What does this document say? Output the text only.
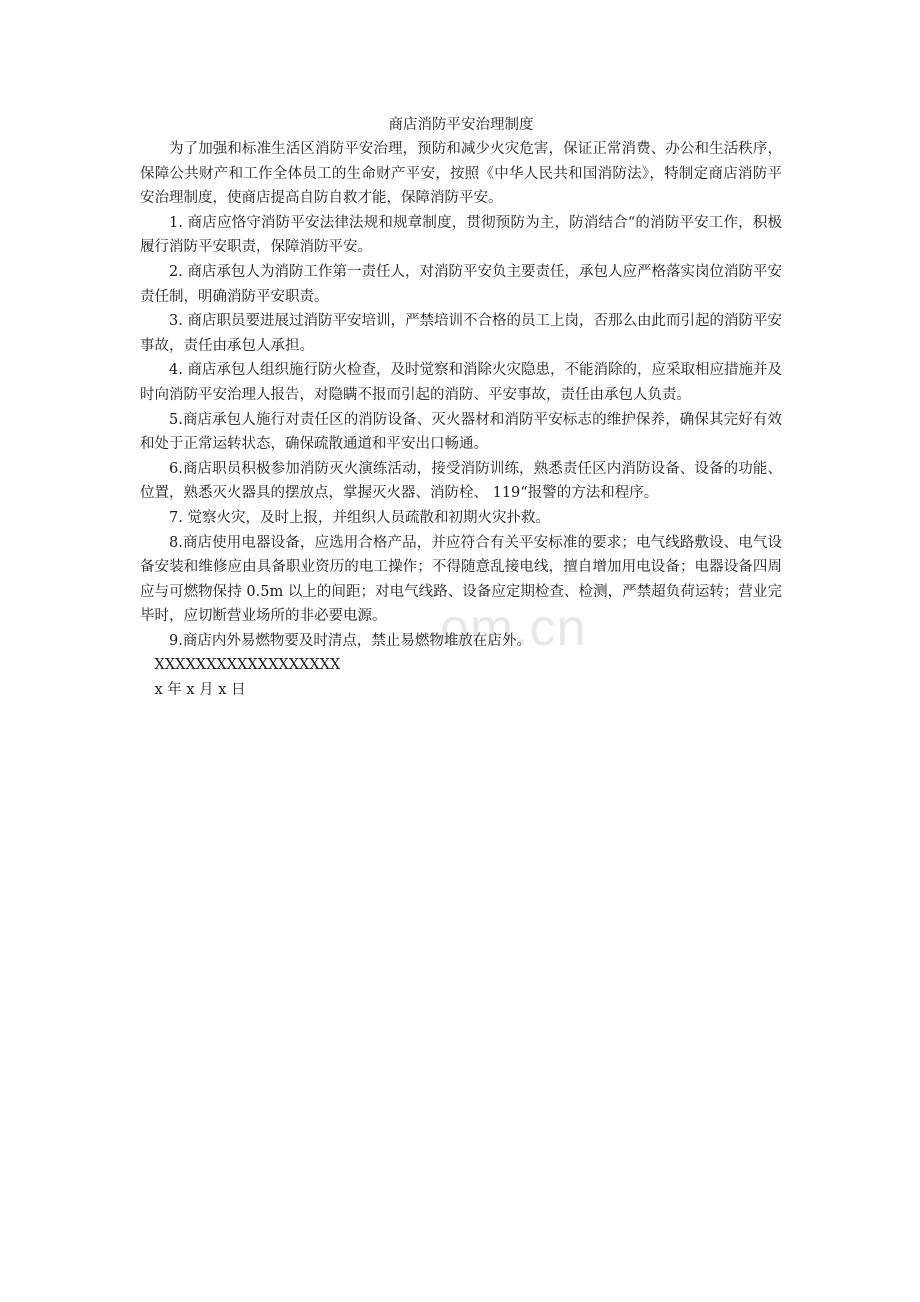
om.cn

商店消防平安治理制度

为了加强和标准生活区消防平安治理，预防和减少火灾危害，保证正常消费、办公和生活秩序，保障公共财产和工作全体员工的生命财产平安，按照《中华人民共和国消防法》，特制定商店消防平安治理制度，使商店提高自防自救才能，保障消防平安。

1. 商店应恪守消防平安法律法规和规章制度，贯彻预防为主，防消结合“的消防平安工作，积极履行消防平安职责，保障消防平安。

2. 商店承包人为消防工作第一责任人，对消防平安负主要责任，承包人应严格落实岗位消防平安责任制，明确消防平安职责。

3. 商店职员要进展过消防平安培训，严禁培训不合格的员工上岗，否那么由此而引起的消防平安事故，责任由承包人承担。

4. 商店承包人组织施行防火检查，及时觉察和消除火灾隐患，不能消除的，应采取相应措施并及时向消防平安治理人报告，对隐瞒不报而引起的消防、平安事故，责任由承包人负责。

5.商店承包人施行对责任区的消防设备、灭火器材和消防平安标志的维护保养，确保其完好有效和处于正常运转状态，确保疏散通道和平安出口畅通。

6.商店职员积极参加消防灭火演练活动，接受消防训练，熟悉责任区内消防设备、设备的功能、位置，熟悉灭火器具的摆放点，掌握灭火器、消防栓、 119“报警的方法和程序。

7. 觉察火灾，及时上报，并组织人员疏散和初期火灾扑救。

8.商店使用电器设备，应选用合格产品，并应符合有关平安标准的要求；电气线路敷设、电气设备安装和维修应由具备职业资历的电工操作；不得随意乱接电线，擅自增加用电设备；电器设备四周应与可燃物保持 0.5m 以上的间距；对电气线路、设备应定期检查、检测，严禁超负荷运转；营业完毕时，应切断营业场所的非必要电源。

9.商店内外易燃物要及时清点，禁止易燃物堆放在店外。

XXXXXXXXXXXXXXXXXX

x 年 x 月 x 日
